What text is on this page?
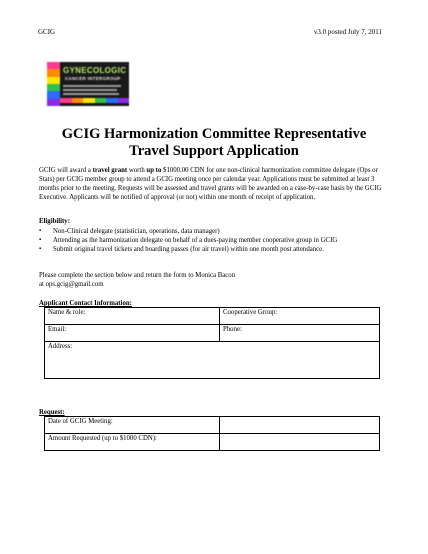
GCIG	v3.0 posted July 7, 2011
GYNECOLOGIC
CANCER INTERGROUP
GCIG Harmonization Committee Representative
Travel Support Application

GCIG will award a travel grant worth up to $1000.00 CDN for one non-clinical harmonization committee delegate (Ops or Stats) per GCIG member group to attend a GCIG meeting once per calendar year. Applications must be submitted at least 3 months prior to the meeting. Requests will be assessed and travel grants will be awarded on a case-by-case basis by the GCIG Executive. Applicants will be notified of approval (or not) within one month of receipt of application.

Eligibility:
▪ Non-Clinical delegate (statistician, operations, data manager)
▪ Attending as the harmonization delegate on behalf of a dues-paying member cooperative group in GCIG
▪ Submit original travel tickets and boarding passes (for air travel) within one month post attendance.

Please complete the section below and return the form to Monica Bacon
at ops.gcig@gmail.com

Applicant Contact Information:
Name & role:	Cooperative Group:
Email:	Phone:
Address:	
Request:
Date of GCIG Meeting:	
Amount Requested (up to $1000 CDN):	
